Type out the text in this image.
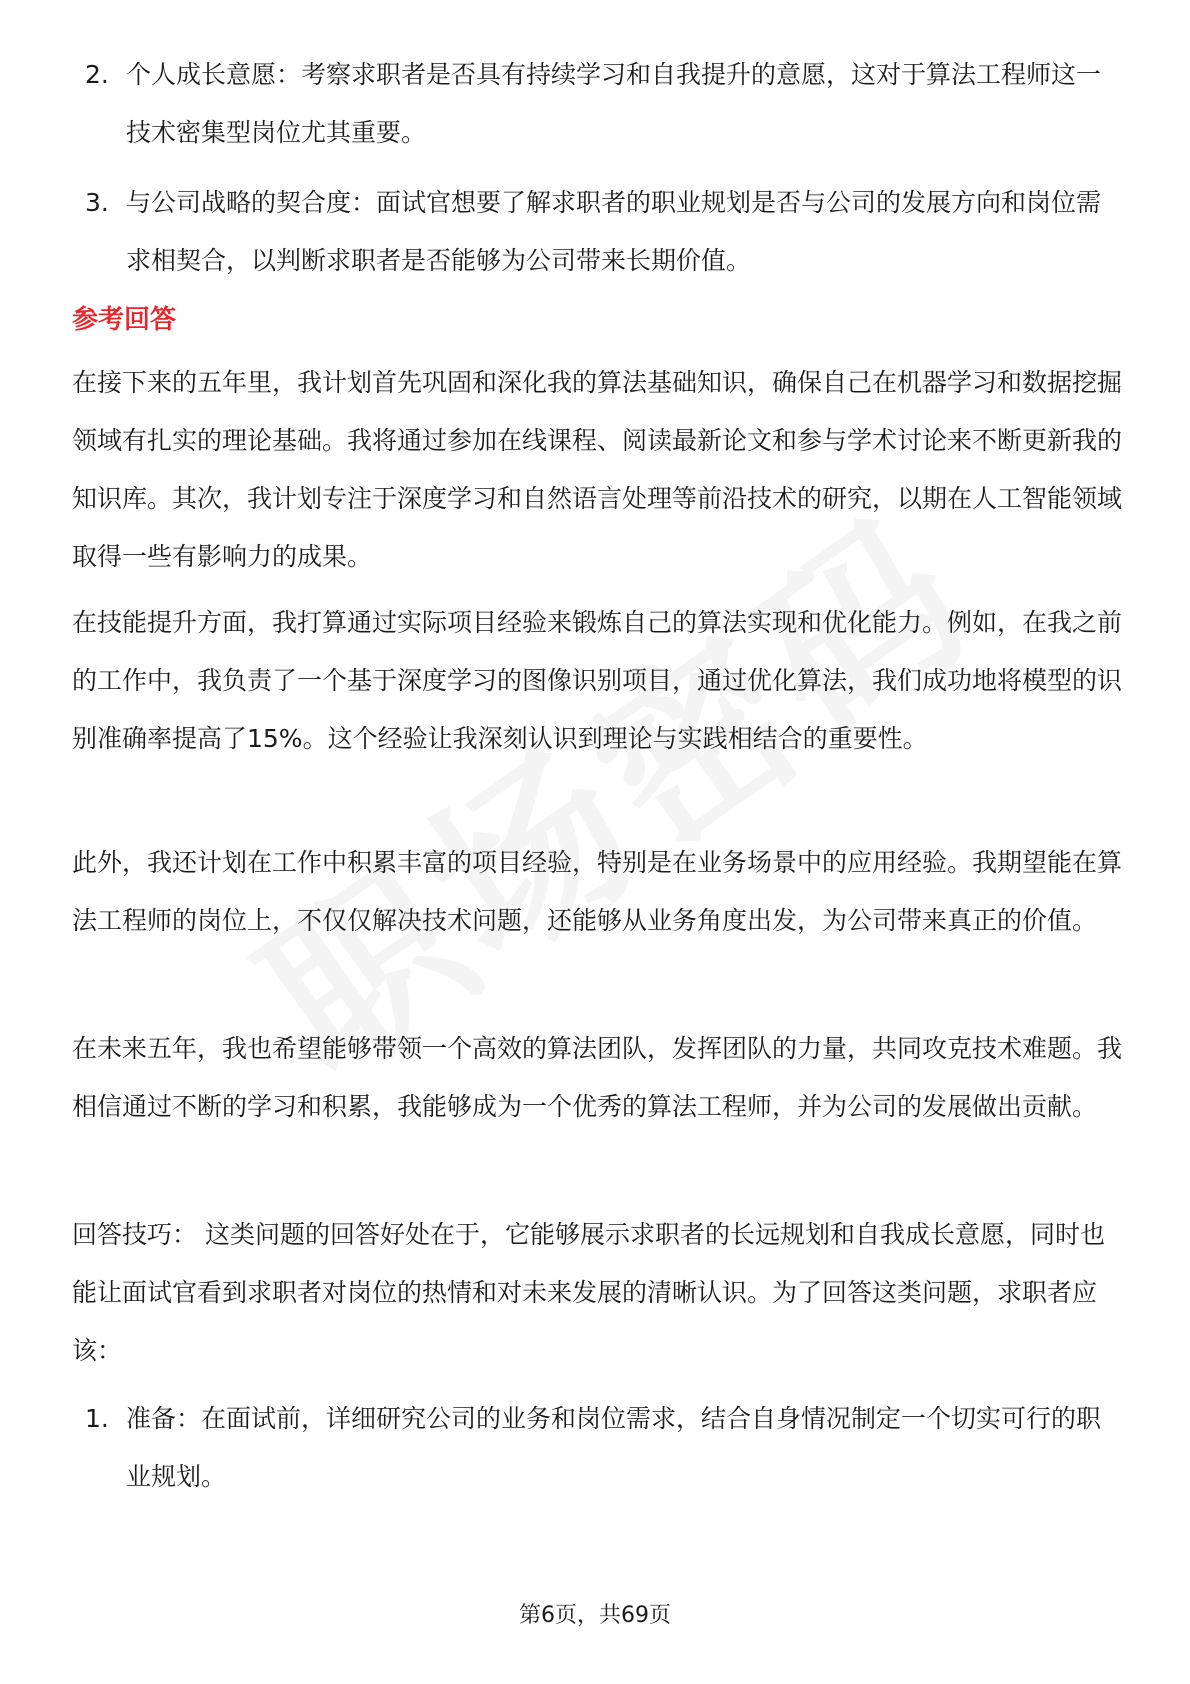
2. 个人成长意愿：考察求职者是否具有持续学习和自我提升的意愿，这对于算法工程师这一技术密集型岗位尤其重要。
3. 与公司战略的契合度：面试官想要了解求职者的职业规划是否与公司的发展方向和岗位需求相契合，以判断求职者是否能够为公司带来长期价值。
参考回答
在接下来的五年里，我计划首先巩固和深化我的算法基础知识，确保自己在机器学习和数据挖掘领域有扎实的理论基础。我将通过参加在线课程、阅读最新论文和参与学术讨论来不断更新我的知识库。其次，我计划专注于深度学习和自然语言处理等前沿技术的研究，以期在人工智能领域取得一些有影响力的成果。
在技能提升方面，我打算通过实际项目经验来锻炼自己的算法实现和优化能力。例如，在我之前的工作中，我负责了一个基于深度学习的图像识别项目，通过优化算法，我们成功地将模型的识别准确率提高了15%。这个经验让我深刻认识到理论与实践相结合的重要性。
此外，我还计划在工作中积累丰富的项目经验，特别是在业务场景中的应用经验。我期望能在算法工程师的岗位上，不仅仅解决技术问题，还能够从业务角度出发，为公司带来真正的价值。
在未来五年，我也希望能够带领一个高效的算法团队，发挥团队的力量，共同攻克技术难题。我相信通过不断的学习和积累，我能够成为一个优秀的算法工程师，并为公司的发展做出贡献。
回答技巧： 这类问题的回答好处在于，它能够展示求职者的长远规划和自我成长意愿，同时也能让面试官看到求职者对岗位的热情和对未来发展的清晰认识。为了回答这类问题，求职者应该：
1. 准备：在面试前，详细研究公司的业务和岗位需求，结合自身情况制定一个切实可行的职业规划。
第6页，共69页
